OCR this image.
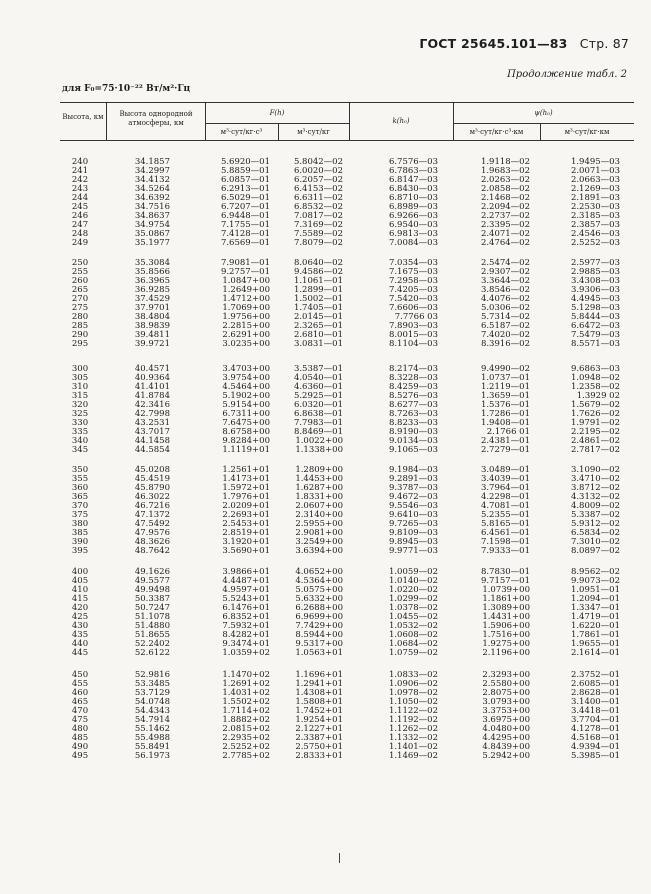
ГОСТ 25645.101—83 Стр. 87
Продолжение табл. 2
для F₀=75·10⁻²² Вт/м²·Гц
Высота, км	Высота однородной атмосферы, км
F(h)
м³·сут/кг·с³	м³·сут/кг
k(h₀)
ψ(h₀)
м³·сут/кг·с³·км	м³·сут/кг·км
240	34.1857	5.6920—01	5.8042—02	6.7576—03	1.9118—02	1.9495—03
241	34.2997	5.8859—01	6.0020—02	6.7863—03	1.9683—02	2.0071—03
242	34.4132	6.0857—01	6.2057—02	6.8147—03	2.0263—02	2.0663—03
243	34.5264	6.2913—01	6.4153—02	6.8430—03	2.0858—02	2.1269—03
244	34.6392	6.5029—01	6.6311—02	6.8710—03	2.1468—02	2.1891—03
245	34.7516	6.7207—01	6.8532—02	6.8989—03	2.2094—02	2.2530—03
246	34.8637	6.9448—01	7.0817—02	6.9266—03	2.2737—02	2.3185—03
247	34.9754	7.1755—01	7.3169—02	6.9540—03	2.3395—02	2.3857—03
248	35.0867	7.4128—01	7.5589—02	6.9813—03	2.4071—02	2.4546—03
249	35.1977	7.6569—01	7.8079—02	7.0084—03	2.4764—02	2.5252—03
250	35.3084	7.9081—01	8.0640—02	7.0354—03	2.5474—02	2.5977—03
255	35.8566	9.2757—01	9.4586—02	7.1675—03	2.9307—02	2.9885—03
260	36.3965	1.0847+00	1.1061—01	7.2958—03	3.3644—02	3.4308—03
265	36.9285	1.2649+00	1.2899—01	7.4205—03	3.8546—02	3.9306—03
270	37.4529	1.4712+00	1.5002—01	7.5420—03	4.4076—02	4.4945—03
275	37.9701	1.7069+00	1.7405—01	7.6606—03	5.0306—02	5.1298—03
280	38.4804	1.9756+00	2.0145—01	7.7766 03	5.7314—02	5.8444—03
285	38.9839	2.2815+00	2.3265—01	7.8903—03	6.5187—02	6.6472—03
290	39.4811	2.6291+00	2.6810—01	8.0015—03	7.4020—02	7.5479—03
295	39.9721	3.0235+00	3.0831—01	8.1104—03	8.3916—02	8.5571—03
300	40.4571	3.4703+00	3.5387—01	8.2174—03	9.4990—02	9.6863—03
305	40.9364	3.9754+00	4.0540—01	8.3228—03	1.0737—01	1.0948—02
310	41.4101	4.5464+00	4.6360—01	8.4259—03	1.2119—01	1.2358—02
315	41.8784	5.1902+00	5.2925—01	8.5276—03	1.3659—01	1.3929 02
320	42.3416	5.9154+00	6.0320—01	8.6277—03	1.5376—01	1.5679—02
325	42.7998	6.7311+00	6.8638—01	8.7263—03	1.7286—01	1.7626—02
330	43.2531	7.6475+00	7.7983—01	8.8233—03	1.9408—01	1.9791—02
335	43.7017	8.6758+00	8.8469—01	8.9190—03	2.1766 01	2.2195—02
340	44.1458	9.8284+00	1.0022+00	9.0134—03	2.4381—01	2.4861—02
345	44.5854	1.1119+01	1.1338+00	9.1065—03	2.7279—01	2.7817—02
350	45.0208	1.2561+01	1.2809+00	9.1984—03	3.0489—01	3.1090—02
355	45.4519	1.4173+01	1.4453+00	9.2891—03	3.4039—01	3.4710—02
360	45.8790	1.5972+01	1.6287+00	9.3787—03	3.7964—01	3.8712—02
365	46.3022	1.7976+01	1.8331+00	9.4672—03	4.2298—01	4.3132—02
370	46.7216	2.0209+01	2.0607+00	9.5546—03	4.7081—01	4.8009—02
375	47.1372	2.2693+01	2.3140+00	9.6410—03	5.2355—01	5.3387—02
380	47.5492	2.5453+01	2.5955+00	9.7265—03	5.8165—01	5.9312—02
385	47.9576	2.8519+01	2.9081+00	9.8109—03	6.4561—01	6.5834—02
390	48.3626	3.1920+01	3.2549+00	9.8945—03	7.1598—01	7.3010—02
395	48.7642	3.5690+01	3.6394+00	9.9771—03	7.9333—01	8.0897—02
400	49.1626	3.9866+01	4.0652+00	1.0059—02	8.7830—01	8.9562—02
405	49.5577	4.4487+01	4.5364+00	1.0140—02	9.7157—01	9.9073—02
410	49.9498	4.9597+01	5.0575+00	1.0220—02	1.0739+00	1.0951—01
415	50.3387	5.5243+01	5.6332+00	1.0299—02	1.1861+00	1.2094—01
420	50.7247	6.1476+01	6.2688+00	1.0378—02	1.3089+00	1.3347—01
425	51.1078	6.8352+01	6.9699+00	1.0455—02	1.4431+00	1.4719—01
430	51.4880	7.5932+01	7.7429+00	1.0532—02	1.5906+00	1.6220—01
435	51.8655	8.4282+01	8.5944+00	1.0608—02	1.7516+00	1.7861—01
440	52.2402	9.3474+01	9.5317+00	1.0684—02	1.9275+00	1.9655—01
445	52.6122	1.0359+02	1.0563+01	1.0759—02	2.1196+00	2.1614—01
450	52.9816	1.1470+02	1.1696+01	1.0833—02	2.3293+00	2.3752—01
455	53.3485	1.2691+02	1.2941+01	1.0906—02	2.5580+00	2.6085—01
460	53.7129	1.4031+02	1.4308+01	1.0978—02	2.8075+00	2.8628—01
465	54.0748	1.5502+02	1.5808+01	1.1050—02	3.0793+00	3.1400—01
470	54.4343	1.7114+02	1.7452+01	1.1122—02	3.3753+00	3.4418—01
475	54.7914	1.8882+02	1.9254+01	1.1192—02	3.6975+00	3.7704—01
480	55.1462	2.0815+02	2.1227+01	1.1262—02	4.0480+00	4.1278—01
485	55.4988	2.2935+02	2.3387+01	1.1332—02	4.4295+00	4.5168—01
490	55.8491	2.5252+02	2.5750+01	1.1401—02	4.8439+00	4.9394—01
495	56.1973	2.7785+02	2.8333+01	1.1469—02	5.2942+00	5.3985—01
